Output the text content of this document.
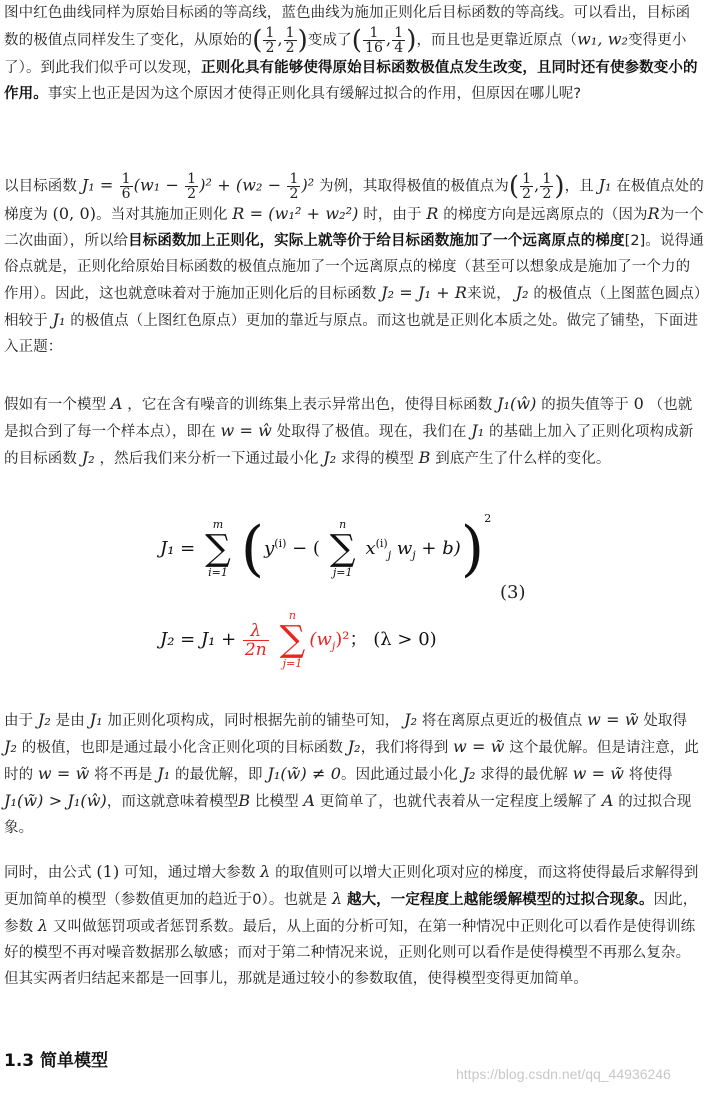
图中红色曲线同样为原始目标函的等高线，蓝色曲线为施加正则化后目标函数的等高线。可以看出，目标函数的极值点同样发生了变化，从原始的( $\frac{1}{2}$ , $\frac{1}{2}$ )变成了( $\frac{1}{16}$ , $\frac{1}{4}$ )，而且也是更靠近原点（w₁, w₂变得更小了）。到此我们似乎可以发现，正则化具有能够使得原始目标函数极值点发生改变，且同时还有使参数变小的作用。事实上也正是因为这个原因才使得正则化具有缓解过拟合的作用，但原因在哪儿呢?

以目标函数 $J_1 = \frac{1}{6} (w_1 - \frac{1}{2} )^2 + (w_2 - \frac{1}{2} )^2$ 为例，其取得极值的极值点为( $\frac{1}{2}$ , $\frac{1}{2}$ )，且 J₁ 在极值点处的梯度为 (0, 0)。当对其施加正则化 R = (w₁² + w₂²) 时，由于 R 的梯度方向是远离原点的（因为R为一个二次曲面），所以给目标函数加上正则化，实际上就等价于给目标函数施加了一个远离原点的梯度[2]。说得通俗点就是，正则化给原始目标函数的极值点施加了一个远离原点的梯度（甚至可以想象成是施加了一个力的作用）。因此，这也就意味着对于施加正则化后的目标函数 J₂ = J₁ + R来说， J₂ 的极值点（上图蓝色圆点）相较于 J₁ 的极值点（上图红色原点）更加的靠近与原点。而这也就是正则化本质之处。做完了铺垫，下面进入正题：

假如有一个模型 A ，它在含有噪音的训练集上表示异常出色，使得目标函数 J₁(ŵ) 的损失值等于 0 （也就是拟合到了每一个样本点），即在 w = ŵ 处取得了极值。现在，我们在 J₁ 的基础上加入了正则化项构成新的目标函数 J₂ ，然后我们来分析一下通过最小化 J₂ 求得的模型 B 到底产生了什么样的变化。

J₁ =
m
∑
i=1 ($y^{(i)}$ − (
n
∑
j=1
$x^{(i)}_j$ $w_j + b))^2$
(3)
$J_2 = J_1 + \frac{\lambda}{2n}$

n
∑
j=1
$(w_j)^2$； (λ > 0)

由于 J₂ 是由 J₁ 加正则化项构成，同时根据先前的铺垫可知， J₂ 将在离原点更近的极值点 w = w̃ 处取得 J₂ 的极值，也即是通过最小化含正则化项的目标函数 J₂，我们将得到 w = w̃ 这个最优解。但是请注意，此时的 w = w̃ 将不再是 J₁ 的最优解，即 J₁(w̃) ≠ 0。因此通过最小化 J₂ 求得的最优解 w = w̃ 将使得 J₁(w̃) > J₁(ŵ)，而这就意味着模型B 比模型 A 更简单了，也就代表着从一定程度上缓解了 A 的过拟合现象。

同时，由公式 (1) 可知，通过增大参数 λ 的取值则可以增大正则化项对应的梯度，而这将使得最后求解得到更加简单的模型（参数值更加的趋近于0）。也就是 λ 越大，一定程度上越能缓解模型的过拟合现象。因此，参数 λ 又叫做惩罚项或者惩罚系数。最后，从上面的分析可知，在第一种情况中正则化可以看作是使得训练好的模型不再对噪音数据那么敏感；而对于第二种情况来说，正则化则可以看作是使得模型不再那么复杂。但其实两者归结起来都是一回事儿，那就是通过较小的参数取值，使得模型变得更加简单。

1.3 简单模型
https://blog.csdn.net/qq_44936246
